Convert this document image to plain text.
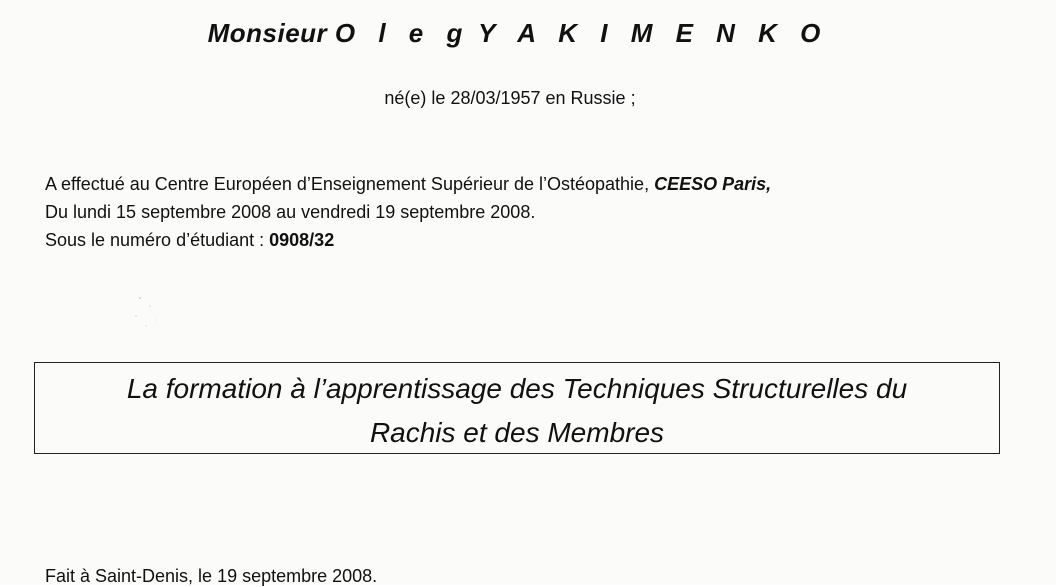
Monsieur O l e g Y A K I M E N K O
né(e) le 28/03/1957 en Russie ;
A effectué au Centre Européen d’Enseignement Supérieur de l’Ostéopathie, CEESO Paris,
Du lundi 15 septembre 2008 au vendredi 19 septembre 2008.
Sous le numéro d’étudiant : 0908/32
La formation à l’apprentissage des Techniques Structurelles du
Rachis et des Membres
Fait à Saint-Denis, le 19 septembre 2008.
